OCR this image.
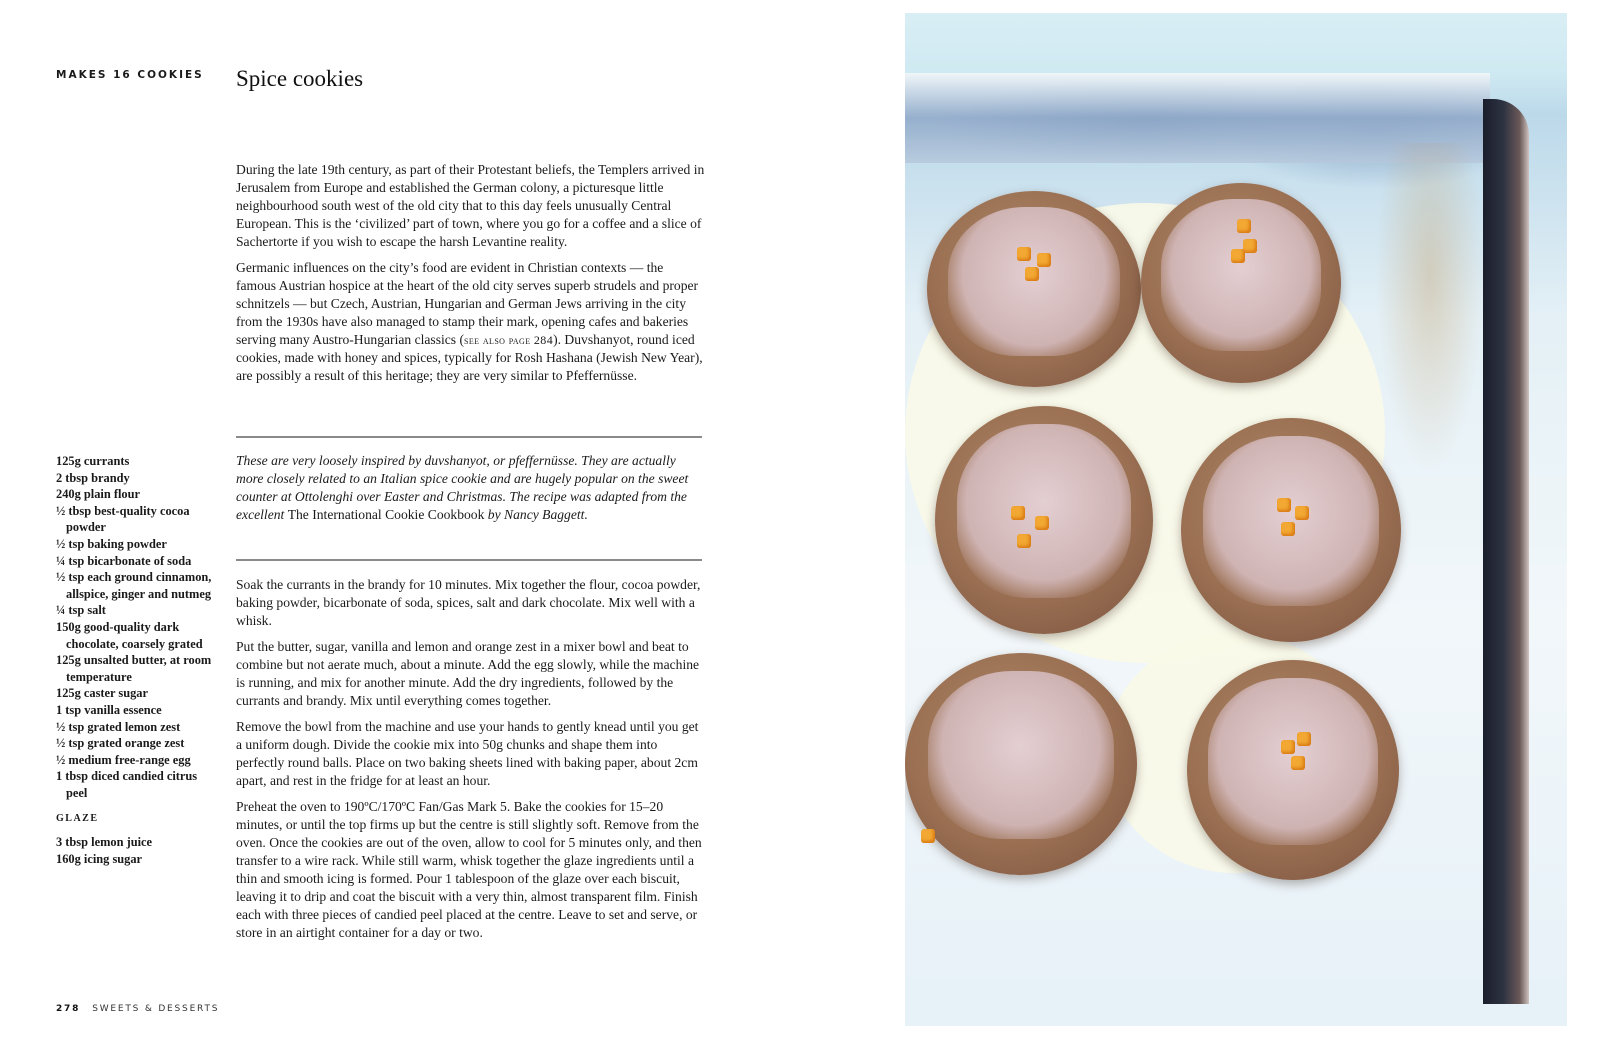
MAKES 16 COOKIES Spice cookies

During the late 19th century, as part of their Protestant beliefs, the Templers arrived in Jerusalem from Europe and established the German colony, a picturesque little neighbourhood south west of the old city that to this day feels unusually Central European. This is the ‘civilized’ part of town, where you go for a coffee and a slice of Sachertorte if you wish to escape the harsh Levantine reality.

Germanic influences on the city’s food are evident in Christian contexts — the famous Austrian hospice at the heart of the old city serves superb strudels and proper schnitzels — but Czech, Austrian, Hungarian and German Jews arriving in the city from the 1930s have also managed to stamp their mark, opening cafes and bakeries serving many Austro-Hungarian classics (see also page 284). Duvshanyot, round iced cookies, made with honey and spices, typically for Rosh Hashana (Jewish New Year), are possibly a result of this heritage; they are very similar to Pfeffernüsse.

These are very loosely inspired by duvshanyot, or pfeffernüsse. They are actually more closely related to an Italian spice cookie and are hugely popular on the sweet counter at Ottolenghi over Easter and Christmas. The recipe was adapted from the excellent The International Cookie Cookbook by Nancy Baggett.

125g currants
2 tbsp brandy
240g plain flour
½ tbsp best-quality cocoa powder
½ tsp baking powder
¼ tsp bicarbonate of soda
½ tsp each ground cinnamon, allspice, ginger and nutmeg
¼ tsp salt
150g good-quality dark chocolate, coarsely grated
125g unsalted butter, at room temperature
125g caster sugar
1 tsp vanilla essence
½ tsp grated lemon zest
½ tsp grated orange zest
½ medium free-range egg
1 tbsp diced candied citrus peel
GLAZE
3 tbsp lemon juice
160g icing sugar

Soak the currants in the brandy for 10 minutes. Mix together the flour, cocoa powder, baking powder, bicarbonate of soda, spices, salt and dark chocolate. Mix well with a whisk.

Put the butter, sugar, vanilla and lemon and orange zest in a mixer bowl and beat to combine but not aerate much, about a minute. Add the egg slowly, while the machine is running, and mix for another minute. Add the dry ingredients, followed by the currants and brandy. Mix until everything comes together.

Remove the bowl from the machine and use your hands to gently knead until you get a uniform dough. Divide the cookie mix into 50g chunks and shape them into perfectly round balls. Place on two baking sheets lined with baking paper, about 2cm apart, and rest in the fridge for at least an hour.

Preheat the oven to 190ºC/170ºC Fan/Gas Mark 5. Bake the cookies for 15–20 minutes, or until the top firms up but the centre is still slightly soft. Remove from the oven. Once the cookies are out of the oven, allow to cool for 5 minutes only, and then transfer to a wire rack. While still warm, whisk together the glaze ingredients until a thin and smooth icing is formed. Pour 1 tablespoon of the glaze over each biscuit, leaving it to drip and coat the biscuit with a very thin, almost transparent film. Finish each with three pieces of candied peel placed at the centre. Leave to set and serve, or store in an airtight container for a day or two.

278 SWEETS & DESSERTS
